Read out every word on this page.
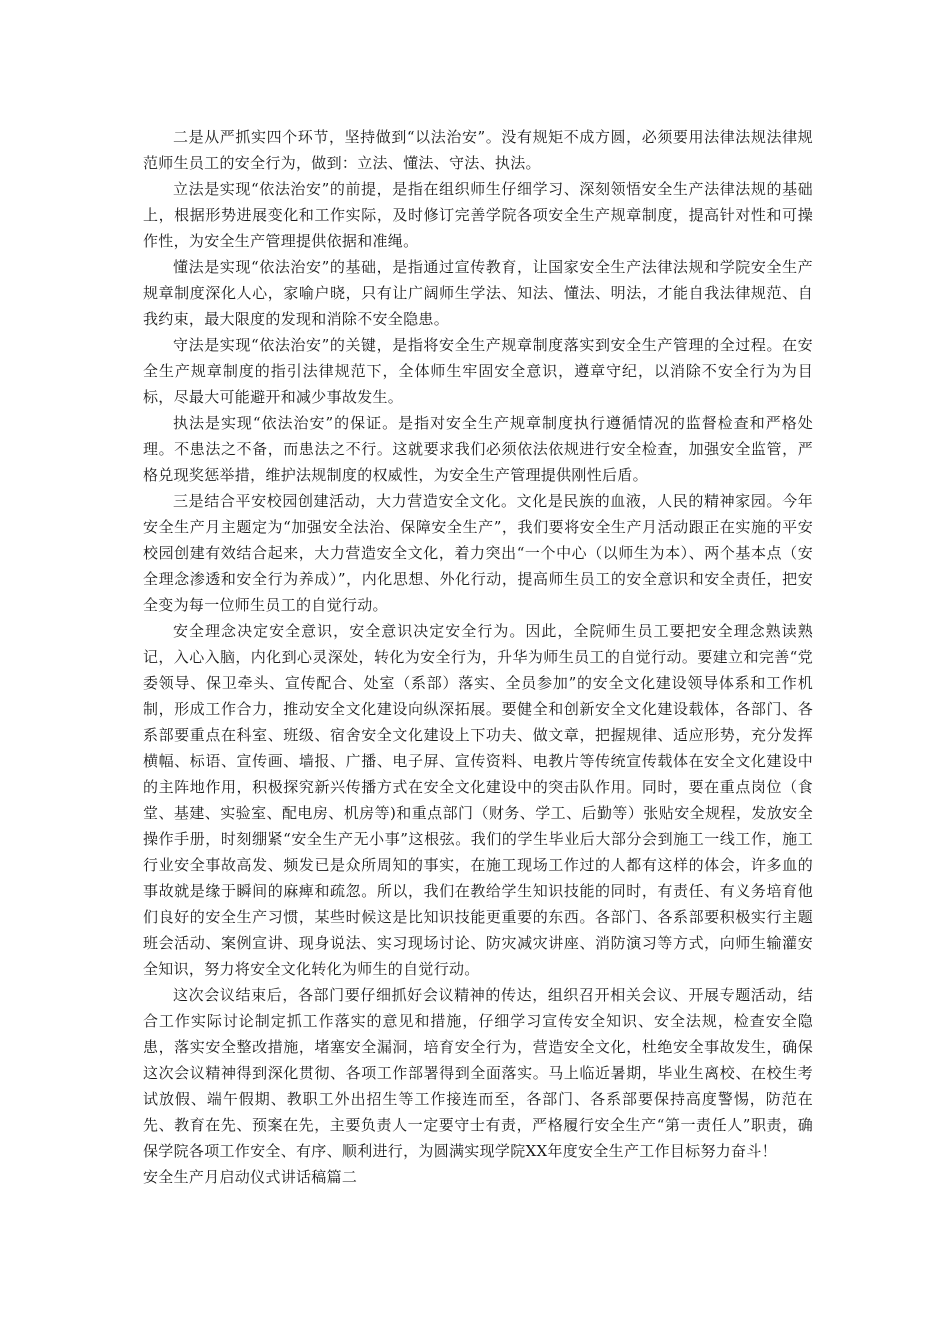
二是从严抓实四个环节，坚持做到“以法治安”。没有规矩不成方圆，必须要用法律法规法律规范师生员工的安全行为，做到：立法、懂法、守法、执法。

立法是实现“依法治安”的前提，是指在组织师生仔细学习、深刻领悟安全生产法律法规的基础上，根据形势进展变化和工作实际，及时修订完善学院各项安全生产规章制度，提高针对性和可操作性，为安全生产管理提供依据和准绳。

懂法是实现“依法治安”的基础，是指通过宣传教育，让国家安全生产法律法规和学院安全生产规章制度深化人心，家喻户晓，只有让广阔师生学法、知法、懂法、明法，才能自我法律规范、自我约束，最大限度的发现和消除不安全隐患。

守法是实现“依法治安”的关键，是指将安全生产规章制度落实到安全生产管理的全过程。在安全生产规章制度的指引法律规范下，全体师生牢固安全意识，遵章守纪，以消除不安全行为为目标，尽最大可能避开和减少事故发生。

执法是实现“依法治安”的保证。是指对安全生产规章制度执行遵循情况的监督检查和严格处理。不患法之不备，而患法之不行。这就要求我们必须依法依规进行安全检查，加强安全监管，严格兑现奖惩举措，维护法规制度的权威性，为安全生产管理提供刚性后盾。

三是结合平安校园创建活动，大力营造安全文化。文化是民族的血液，人民的精神家园。今年安全生产月主题定为“加强安全法治、保障安全生产”，我们要将安全生产月活动跟正在实施的平安校园创建有效结合起来，大力营造安全文化，着力突出“一个中心（以师生为本）、两个基本点（安全理念渗透和安全行为养成）”，内化思想、外化行动，提高师生员工的安全意识和安全责任，把安全变为每一位师生员工的自觉行动。

安全理念决定安全意识，安全意识决定安全行为。因此，全院师生员工要把安全理念熟读熟记，入心入脑，内化到心灵深处，转化为安全行为，升华为师生员工的自觉行动。要建立和完善“党委领导、保卫牵头、宣传配合、处室（系部）落实、全员参加”的安全文化建设领导体系和工作机制，形成工作合力，推动安全文化建设向纵深拓展。要健全和创新安全文化建设载体，各部门、各系部要重点在科室、班级、宿舍安全文化建设上下功夫、做文章，把握规律、适应形势，充分发挥横幅、标语、宣传画、墙报、广播、电子屏、宣传资料、电教片等传统宣传载体在安全文化建设中的主阵地作用，积极探究新兴传播方式在安全文化建设中的突击队作用。同时，要在重点岗位（食堂、基建、实验室、配电房、机房等)和重点部门（财务、学工、后勤等）张贴安全规程，发放安全操作手册，时刻绷紧“安全生产无小事”这根弦。我们的学生毕业后大部分会到施工一线工作，施工行业安全事故高发、频发已是众所周知的事实，在施工现场工作过的人都有这样的体会，许多血的事故就是缘于瞬间的麻痺和疏忽。所以，我们在教给学生知识技能的同时，有责任、有义务培育他们良好的安全生产习惯，某些时候这是比知识技能更重要的东西。各部门、各系部要积极实行主题班会活动、案例宣讲、现身说法、实习现场讨论、防灾减灾讲座、消防演习等方式，向师生输灌安全知识，努力将安全文化转化为师生的自觉行动。

这次会议结束后，各部门要仔细抓好会议精神的传达，组织召开相关会议、开展专题活动，结合工作实际讨论制定抓工作落实的意见和措施，仔细学习宣传安全知识、安全法规，检查安全隐患，落实安全整改措施，堵塞安全漏洞，培育安全行为，营造安全文化，杜绝安全事故发生，确保这次会议精神得到深化贯彻、各项工作部署得到全面落实。马上临近暑期，毕业生离校、在校生考试放假、端午假期、教职工外出招生等工作接连而至，各部门、各系部要保持高度警惕，防范在先、教育在先、预案在先，主要负责人一定要守士有责，严格履行安全生产“第一责任人”职责，确保学院各项工作安全、有序、顺利进行，为圆满实现学院XX年度安全生产工作目标努力奋斗！

安全生产月启动仪式讲话稿篇二
